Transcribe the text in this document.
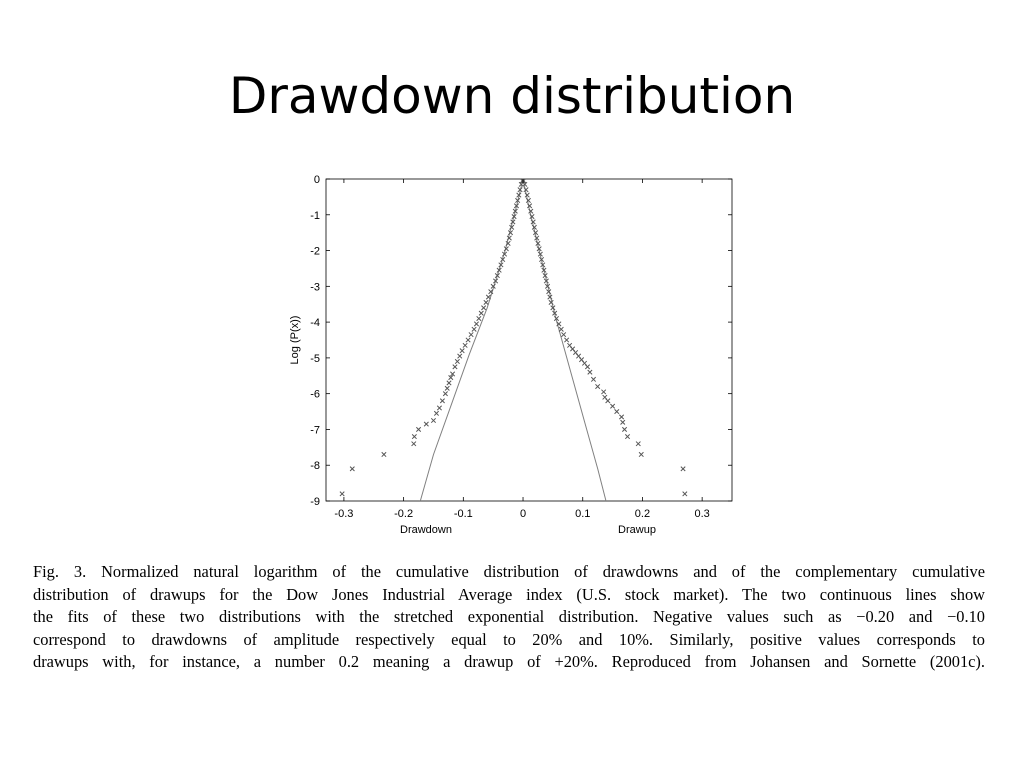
Drawdown distribution
-0.3	-0.2	-0.1	0	0.1	0.2	0.3
0
-1
-2
-3
-4
-5
-6
-7
-8
-9
Log (P(x))
Drawdown	Drawup
Fig. 3. Normalized natural logarithm of the cumulative distribution of drawdowns and of the complementary cumulative
distribution of drawups for the Dow Jones Industrial Average index (U.S. stock market). The two continuous lines show
the fits of these two distributions with the stretched exponential distribution. Negative values such as −0.20 and −0.10
correspond to drawdowns of amplitude respectively equal to 20% and 10%. Similarly, positive values corresponds to
drawups with, for instance, a number 0.2 meaning a drawup of +20%. Reproduced from Johansen and Sornette (2001c).
